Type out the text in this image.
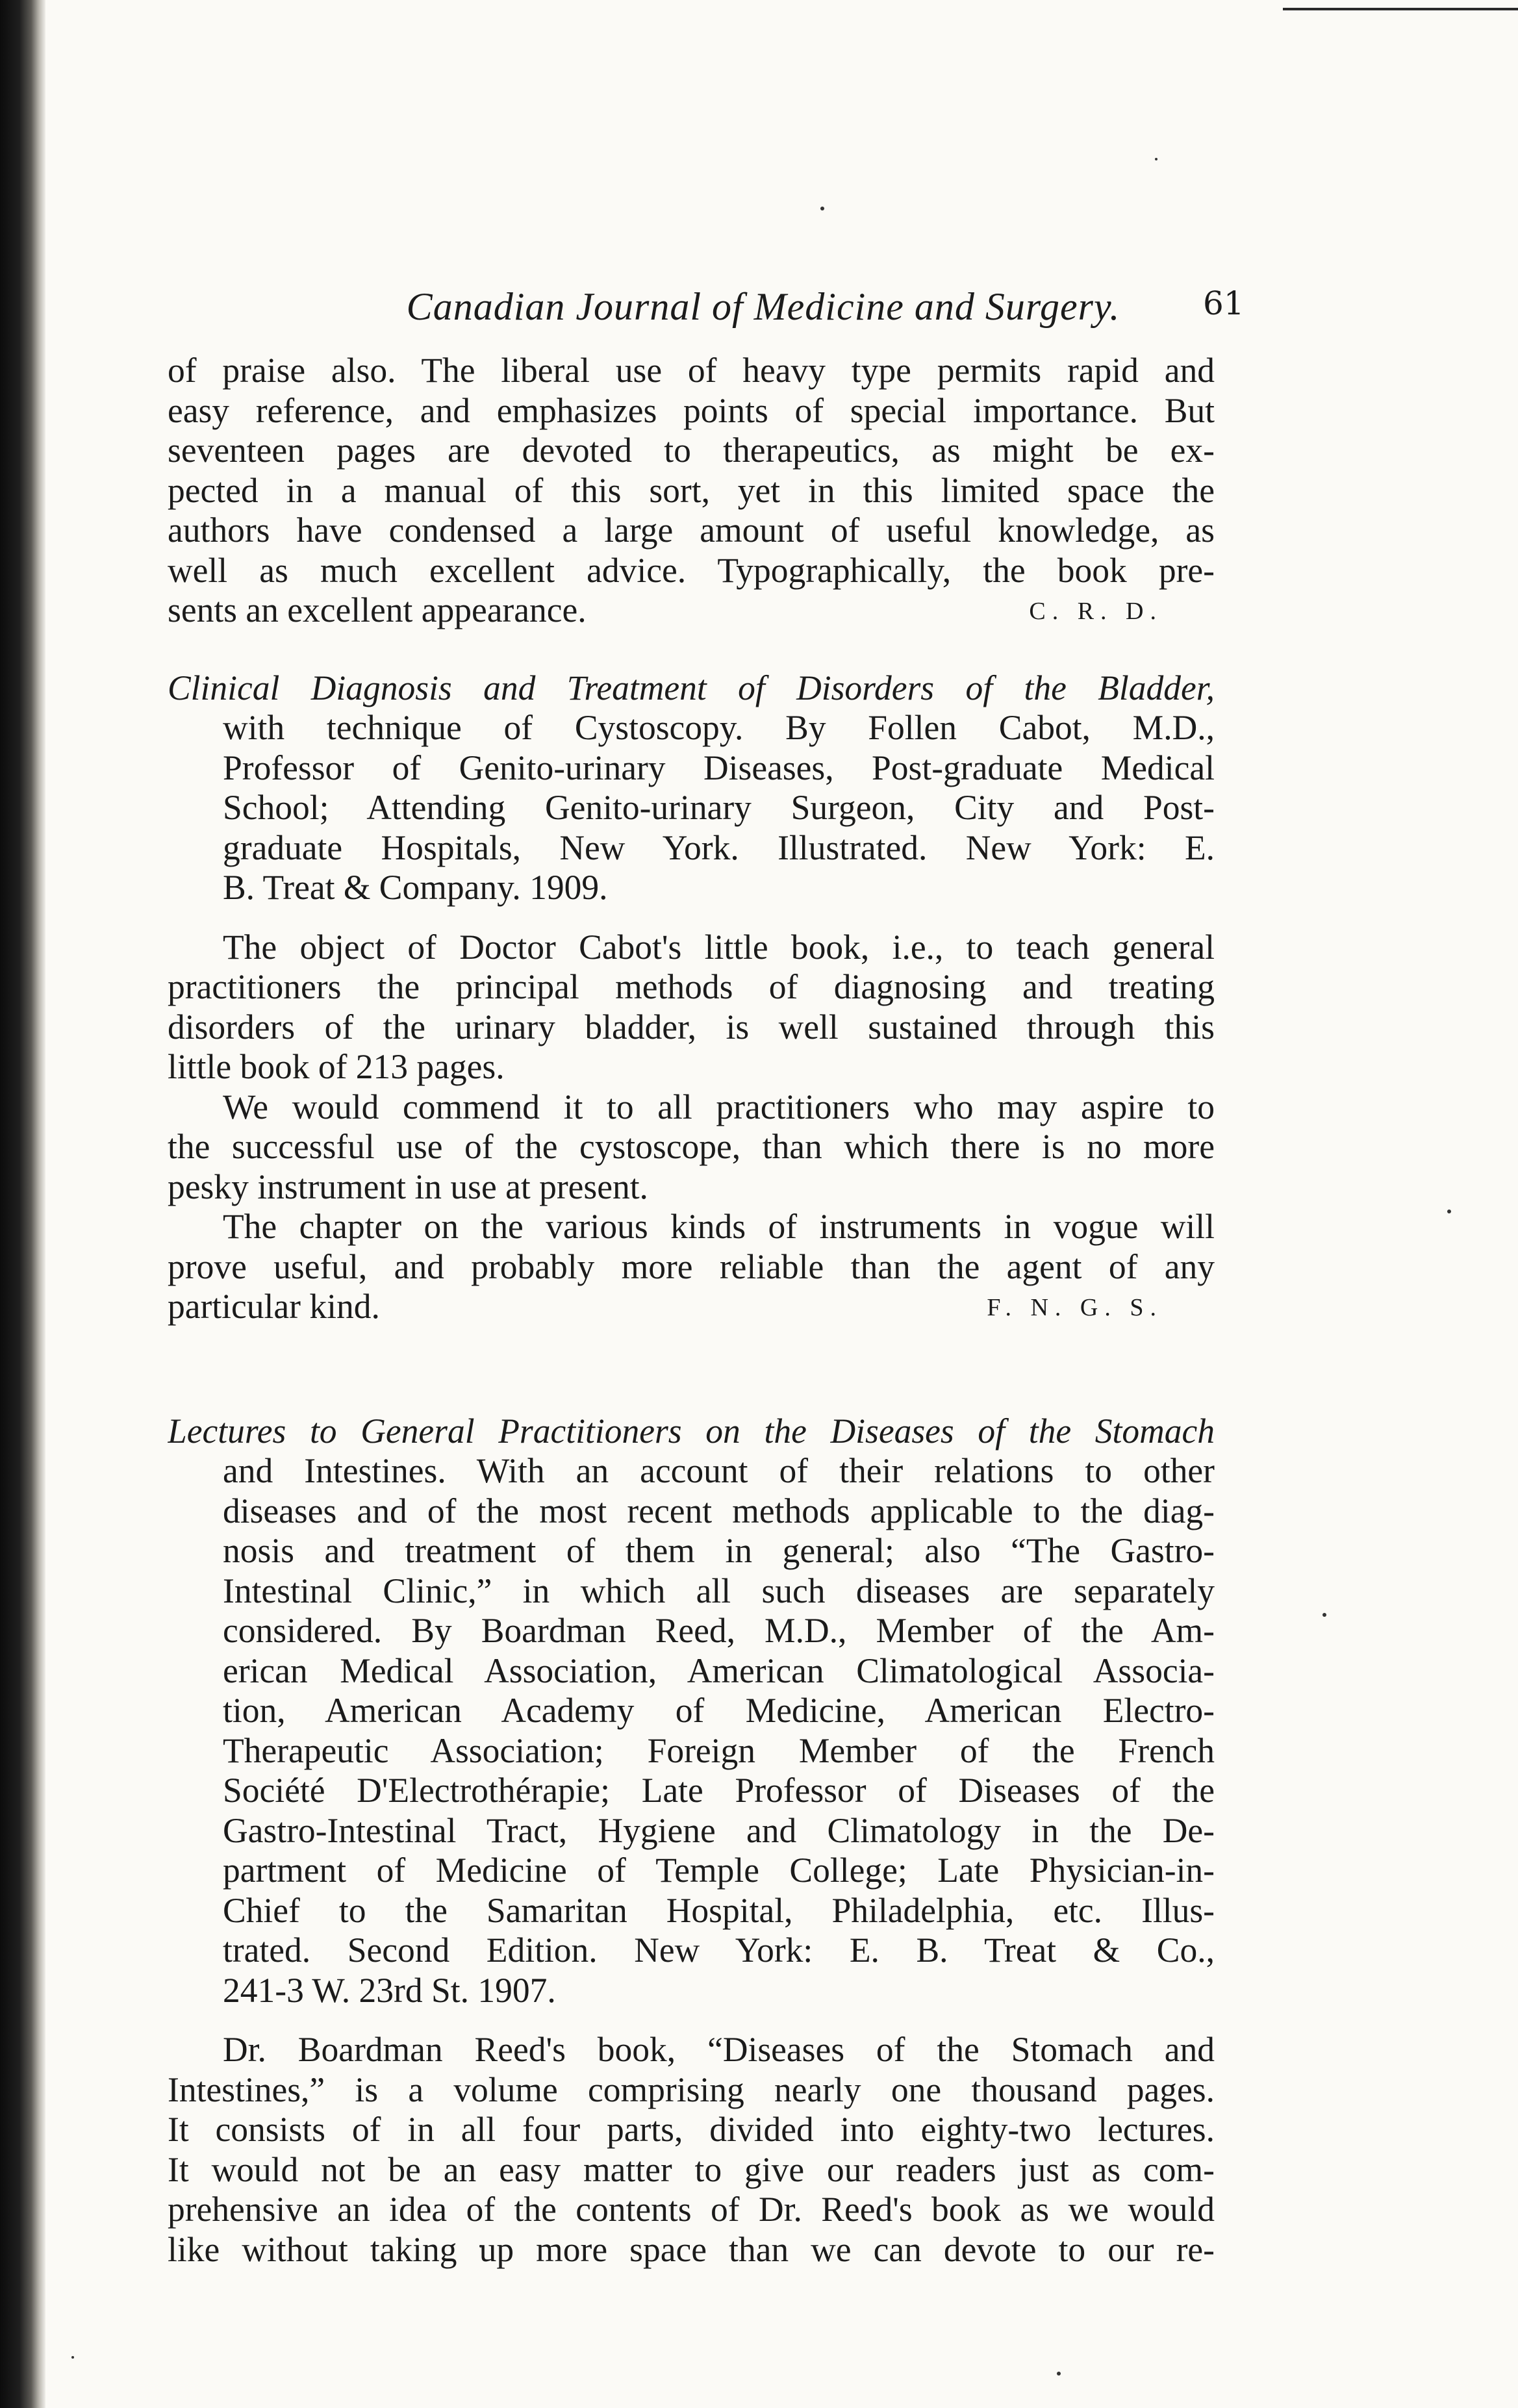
Canadian Journal of Medicine and Surgery.	61
of praise also. The liberal use of heavy type permits rapid and
easy reference, and emphasizes points of special importance. But
seventeen pages are devoted to therapeutics, as might be ex-
pected in a manual of this sort, yet in this limited space the
authors have condensed a large amount of useful knowledge, as
well as much excellent advice. Typographically, the book pre-
sents an excellent appearance.	C. R. D.
Clinical Diagnosis and Treatment of Disorders of the Bladder,
with technique of Cystoscopy. By Follen Cabot, M.D.,
Professor of Genito-urinary Diseases, Post-graduate Medical
School; Attending Genito-urinary Surgeon, City and Post-
graduate Hospitals, New York. Illustrated. New York: E.
B. Treat & Company. 1909.
The object of Doctor Cabot's little book, i.e., to teach general
practitioners the principal methods of diagnosing and treating
disorders of the urinary bladder, is well sustained through this
little book of 213 pages.
We would commend it to all practitioners who may aspire to
the successful use of the cystoscope, than which there is no more
pesky instrument in use at present.
The chapter on the various kinds of instruments in vogue will
prove useful, and probably more reliable than the agent of any
particular kind.	F. N. G. S.
Lectures to General Practitioners on the Diseases of the Stomach
and Intestines. With an account of their relations to other
diseases and of the most recent methods applicable to the diag-
nosis and treatment of them in general; also “The Gastro-
Intestinal Clinic,” in which all such diseases are separately
considered. By Boardman Reed, M.D., Member of the Am-
erican Medical Association, American Climatological Associa-
tion, American Academy of Medicine, American Electro-
Therapeutic Association; Foreign Member of the French
Société D'Electrothérapie; Late Professor of Diseases of the
Gastro-Intestinal Tract, Hygiene and Climatology in the De-
partment of Medicine of Temple College; Late Physician-in-
Chief to the Samaritan Hospital, Philadelphia, etc. Illus-
trated. Second Edition. New York: E. B. Treat & Co.,
241-3 W. 23rd St. 1907.
Dr. Boardman Reed's book, “Diseases of the Stomach and
Intestines,” is a volume comprising nearly one thousand pages.
It consists of in all four parts, divided into eighty-two lectures.
It would not be an easy matter to give our readers just as com-
prehensive an idea of the contents of Dr. Reed's book as we would
like without taking up more space than we can devote to our re-
